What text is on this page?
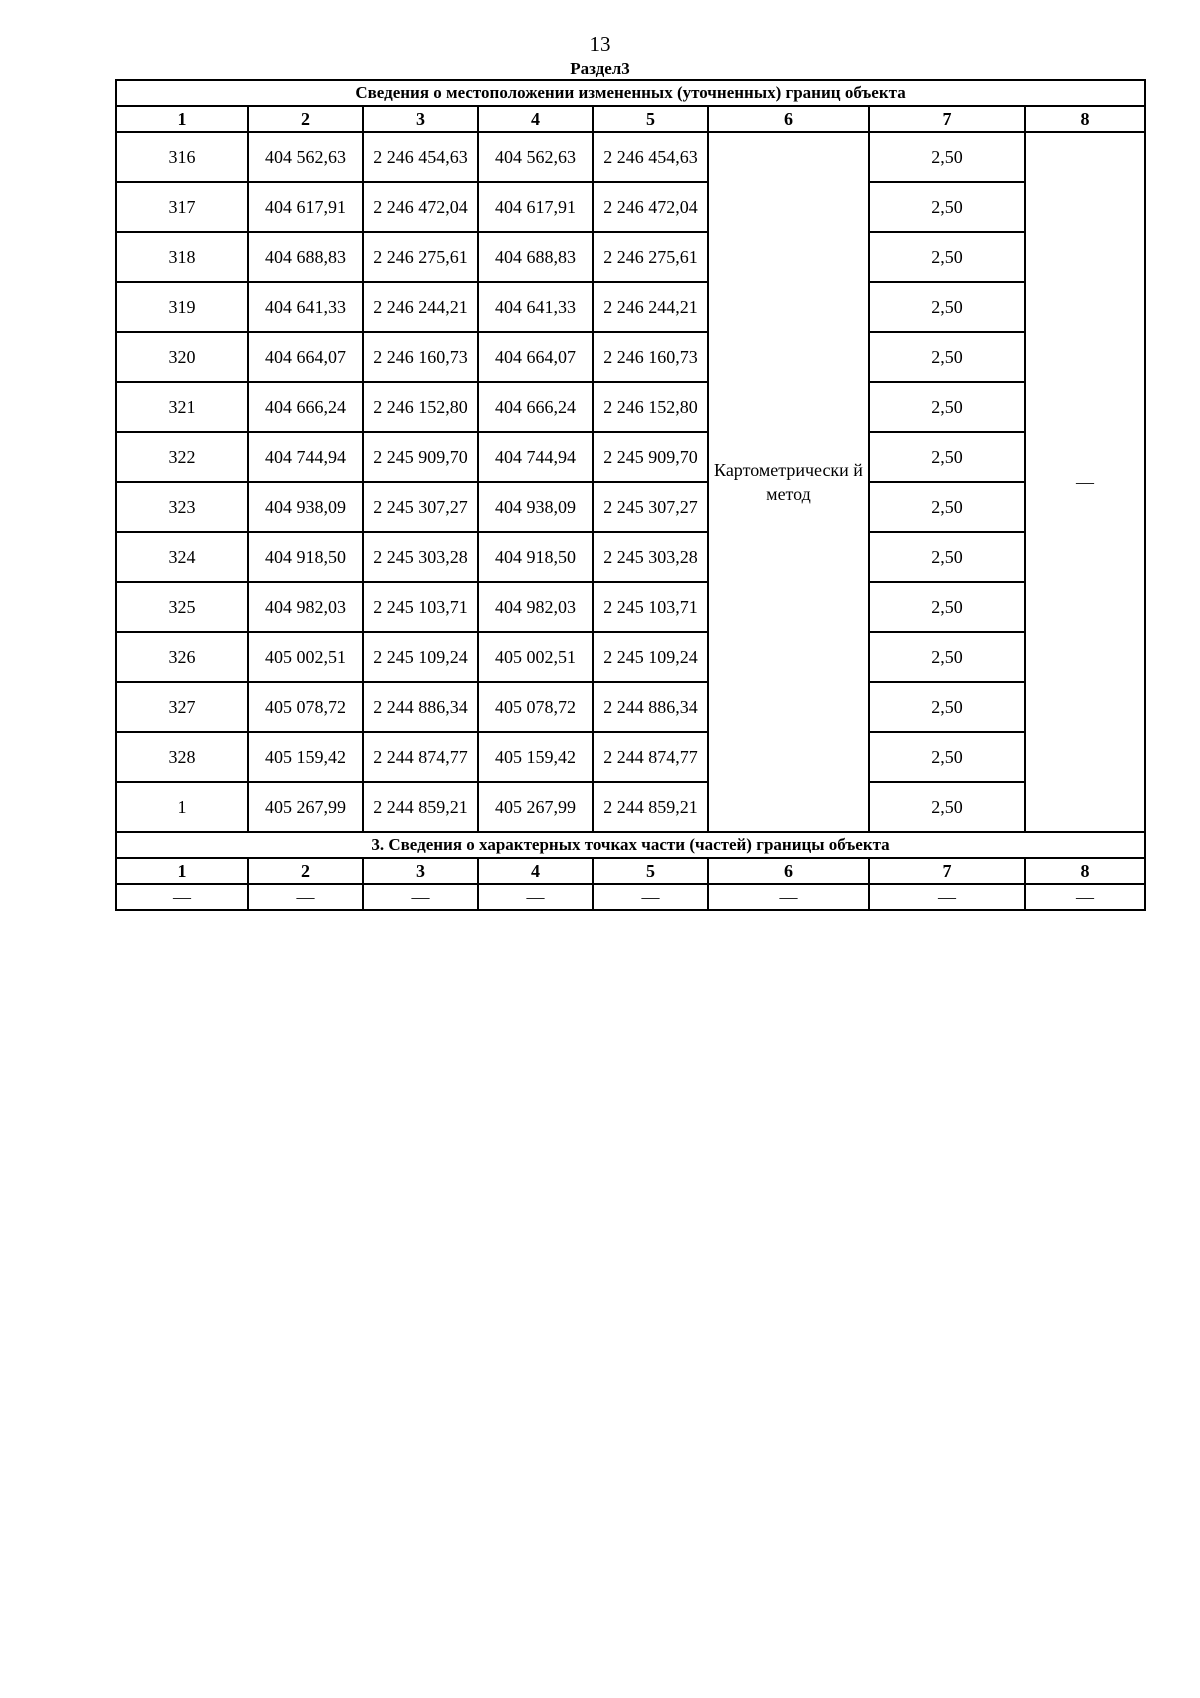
13
Раздел3
Сведения о местоположении измененных (уточненных) границ объекта							
1	2	3	4	5	6	7	8
316	404 562,63	2 246 454,63	404 562,63	2 246 454,63	Картометрически й метод	2,50	—
317	404 617,91	2 246 472,04	404 617,91	2 246 472,04		2,50	
318	404 688,83	2 246 275,61	404 688,83	2 246 275,61		2,50	
319	404 641,33	2 246 244,21	404 641,33	2 246 244,21		2,50	
320	404 664,07	2 246 160,73	404 664,07	2 246 160,73		2,50	
321	404 666,24	2 246 152,80	404 666,24	2 246 152,80		2,50	
322	404 744,94	2 245 909,70	404 744,94	2 245 909,70		2,50	
323	404 938,09	2 245 307,27	404 938,09	2 245 307,27		2,50	
324	404 918,50	2 245 303,28	404 918,50	2 245 303,28		2,50	
325	404 982,03	2 245 103,71	404 982,03	2 245 103,71		2,50	
326	405 002,51	2 245 109,24	405 002,51	2 245 109,24		2,50	
327	405 078,72	2 244 886,34	405 078,72	2 244 886,34		2,50	
328	405 159,42	2 244 874,77	405 159,42	2 244 874,77		2,50	
1	405 267,99	2 244 859,21	405 267,99	2 244 859,21		2,50	
3. Сведения о характерных точках части (частей) границы объекта							
1	2	3	4	5	6	7	8
—	—	—	—	—	—	—	—
